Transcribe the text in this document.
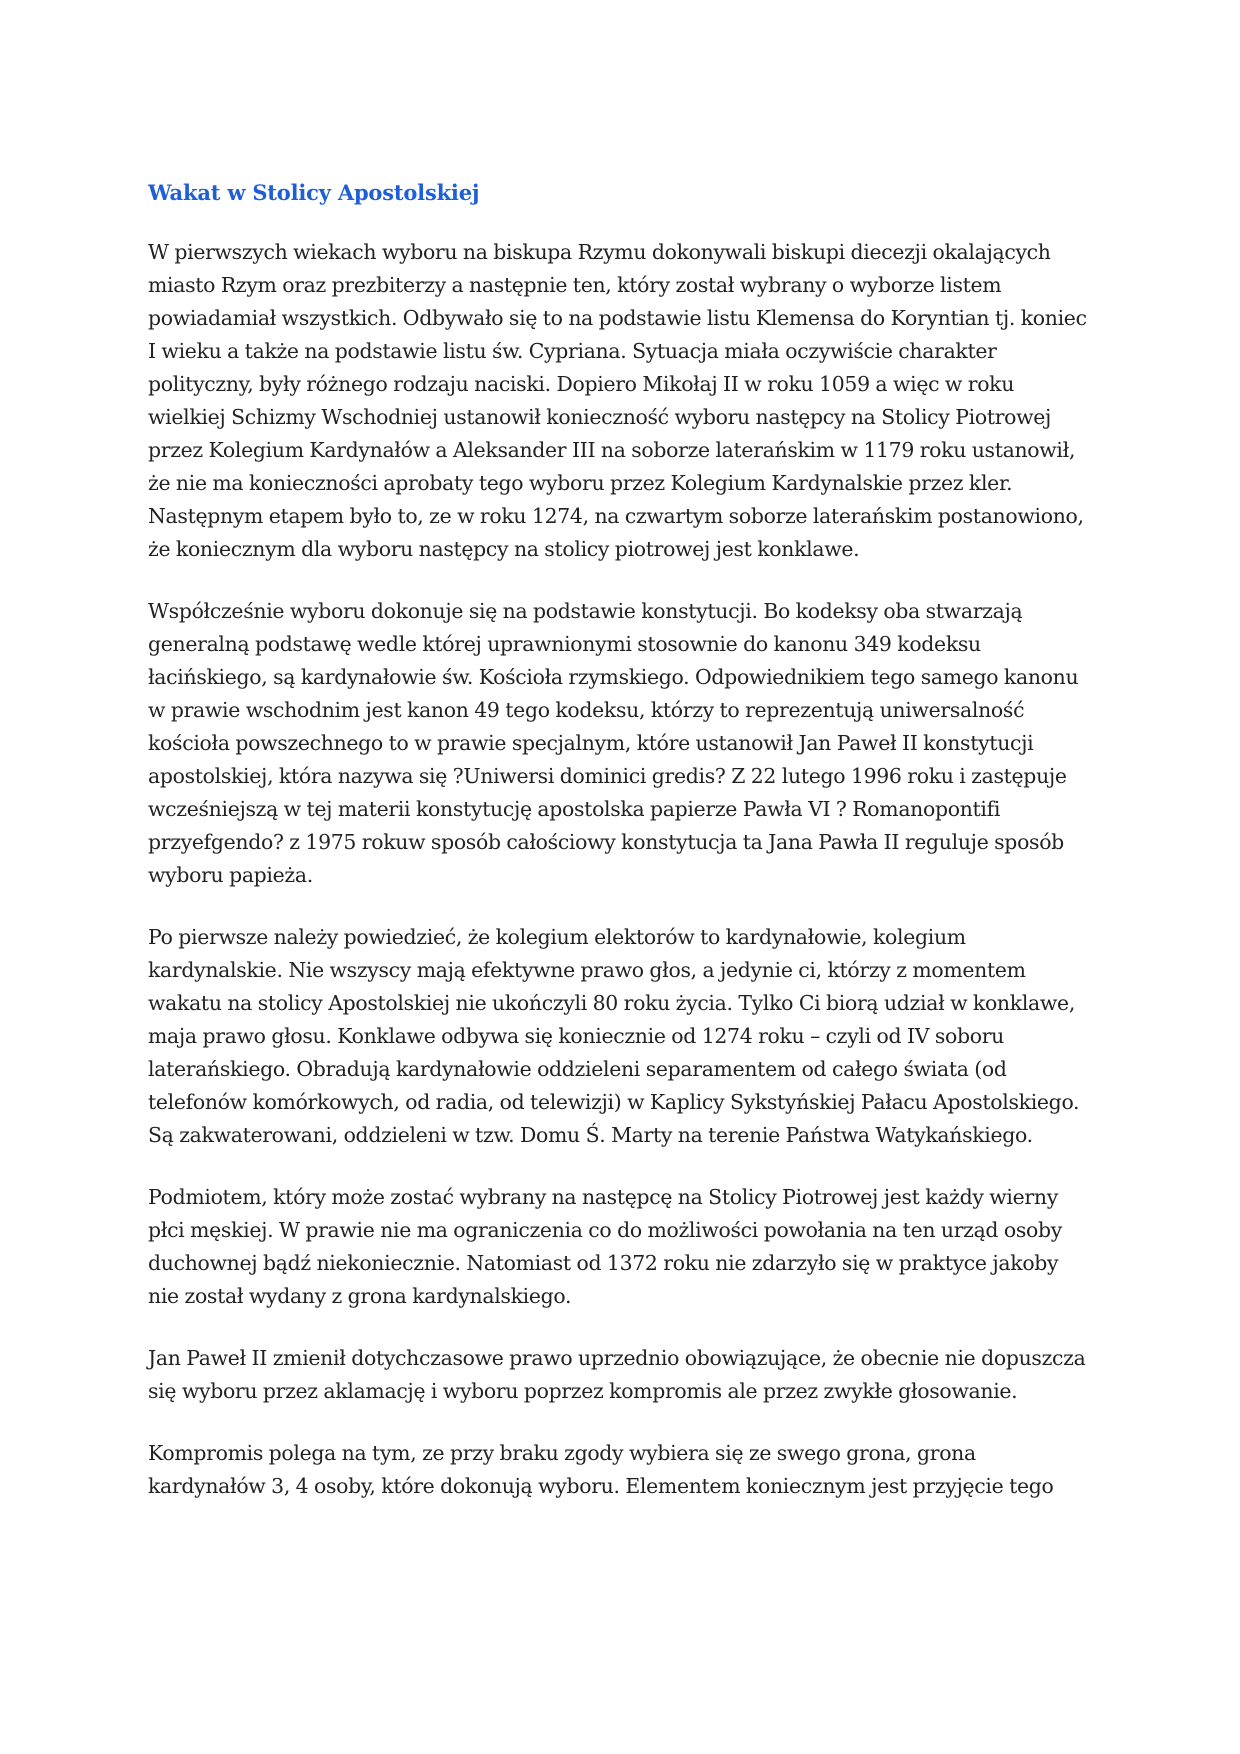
Wakat w Stolicy Apostolskiej

W pierwszych wiekach wyboru na biskupa Rzymu dokonywali biskupi diecezji okalających miasto Rzym oraz prezbiterzy a następnie ten, który został wybrany o wyborze listem powiadamiał wszystkich. Odbywało się to na podstawie listu Klemensa do Koryntian tj. koniec I wieku a także na podstawie listu św. Cypriana. Sytuacja miała oczywiście charakter polityczny, były różnego rodzaju naciski. Dopiero Mikołaj II w roku 1059 a więc w roku wielkiej Schizmy Wschodniej ustanowił konieczność wyboru następcy na Stolicy Piotrowej przez Kolegium Kardynałów a Aleksander III na soborze laterańskim w 1179 roku ustanowił, że nie ma konieczności aprobaty tego wyboru przez Kolegium Kardynalskie przez kler. Następnym etapem było to, ze w roku 1274, na czwartym soborze laterańskim postanowiono, że koniecznym dla wyboru następcy na stolicy piotrowej jest konklawe.

Współcześnie wyboru dokonuje się na podstawie konstytucji. Bo kodeksy oba stwarzają generalną podstawę wedle której uprawnionymi stosownie do kanonu 349 kodeksu łacińskiego, są kardynałowie św. Kościoła rzymskiego. Odpowiednikiem tego samego kanonu w prawie wschodnim jest kanon 49 tego kodeksu, którzy to reprezentują uniwersalność kościoła powszechnego to w prawie specjalnym, które ustanowił Jan Paweł II konstytucji apostolskiej, która nazywa się ?Uniwersi dominici gredis? Z 22 lutego 1996 roku i zastępuje wcześniejszą w tej materii konstytucję apostolska papierze Pawła VI ? Romanopontifi przyefgendo? z 1975 rokuw sposób całościowy konstytucja ta Jana Pawła II reguluje sposób wyboru papieża.

Po pierwsze należy powiedzieć, że kolegium elektorów to kardynałowie, kolegium kardynalskie. Nie wszyscy mają efektywne prawo głos, a jedynie ci, którzy z momentem wakatu na stolicy Apostolskiej nie ukończyli 80 roku życia. Tylko Ci biorą udział w konklawe, maja prawo głosu. Konklawe odbywa się koniecznie od 1274 roku – czyli od IV soboru laterańskiego. Obradują kardynałowie oddzieleni separamentem od całego świata (od telefonów komórkowych, od radia, od telewizji) w Kaplicy Sykstyńskiej Pałacu Apostolskiego. Są zakwaterowani, oddzieleni w tzw. Domu Ś. Marty na terenie Państwa Watykańskiego.

Podmiotem, który może zostać wybrany na następcę na Stolicy Piotrowej jest każdy wierny płci męskiej. W prawie nie ma ograniczenia co do możliwości powołania na ten urząd osoby duchownej bądź niekoniecznie. Natomiast od 1372 roku nie zdarzyło się w praktyce jakoby nie został wydany z grona kardynalskiego.

Jan Paweł II zmienił dotychczasowe prawo uprzednio obowiązujące, że obecnie nie dopuszcza się wyboru przez aklamację i wyboru poprzez kompromis ale przez zwykłe głosowanie.

Kompromis polega na tym, ze przy braku zgody wybiera się ze swego grona, grona kardynałów 3, 4 osoby, które dokonują wyboru. Elementem koniecznym jest przyjęcie tego
